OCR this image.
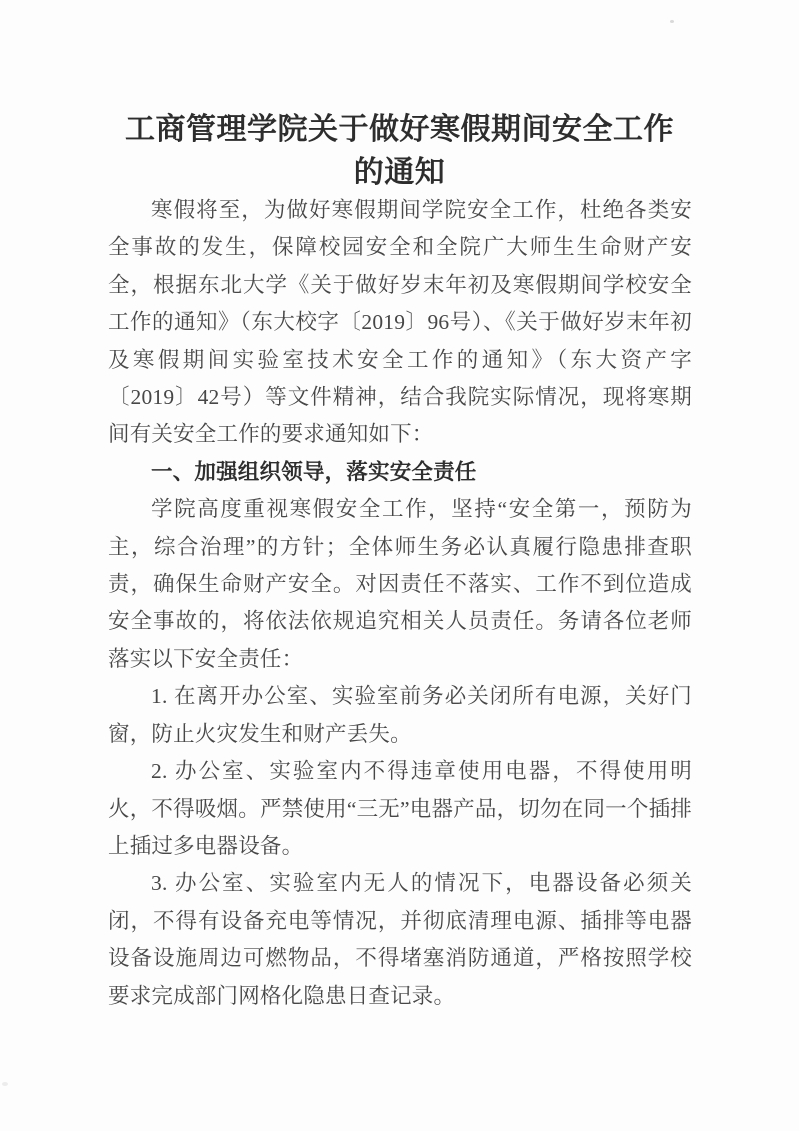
工商管理学院关于做好寒假期间安全工作
的通知

寒假将至，为做好寒假期间学院安全工作，杜绝各类安全事故的发生，保障校园安全和全院广大师生生命财产安全，根据东北大学《关于做好岁末年初及寒假期间学校安全工作的通知》（东大校字〔2019〕96号）、《关于做好岁末年初及寒假期间实验室技术安全工作的通知》（东大资产字〔2019〕42号）等文件精神，结合我院实际情况，现将寒期间有关安全工作的要求通知如下：

一、加强组织领导，落实安全责任

学院高度重视寒假安全工作，坚持“安全第一，预防为主，综合治理”的方针；全体师生务必认真履行隐患排查职责，确保生命财产安全。对因责任不落实、工作不到位造成安全事故的，将依法依规追究相关人员责任。务请各位老师落实以下安全责任：

1. 在离开办公室、实验室前务必关闭所有电源，关好门窗，防止火灾发生和财产丢失。

2. 办公室、实验室内不得违章使用电器，不得使用明火，不得吸烟。严禁使用“三无”电器产品，切勿在同一个插排上插过多电器设备。

3. 办公室、实验室内无人的情况下，电器设备必须关闭，不得有设备充电等情况，并彻底清理电源、插排等电器设备设施周边可燃物品，不得堵塞消防通道，严格按照学校要求完成部门网格化隐患日查记录。
